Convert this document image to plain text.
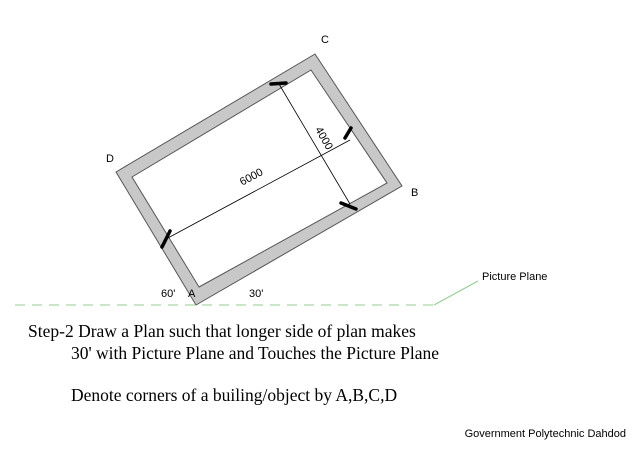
6000
4000
C
D
B
A
60'	30'
Picture Plane
Step-2 Draw a Plan such that longer side of plan makes
30' with Picture Plane and Touches the Picture Plane
Denote corners of a builing/object by A,B,C,D
Government Polytechnic Dahdod
